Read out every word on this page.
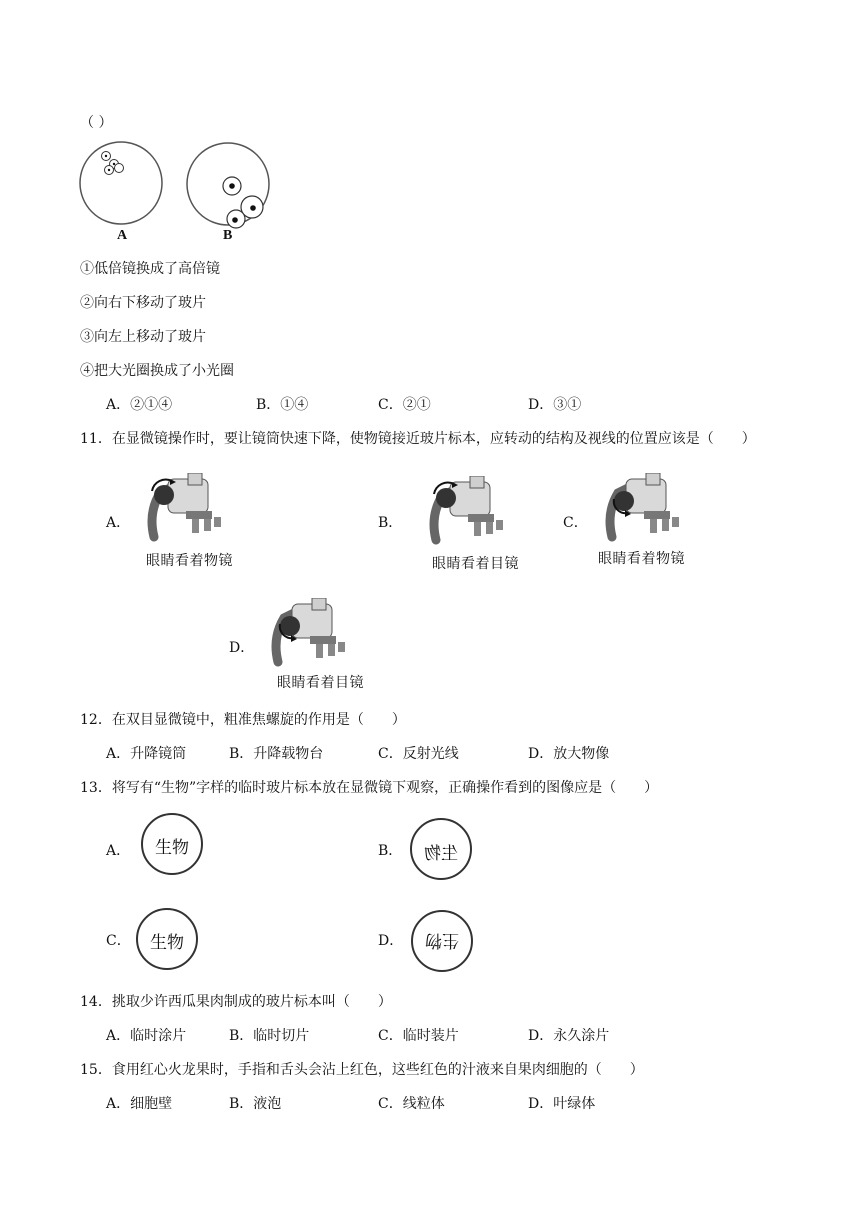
（ ）
A	B
①低倍镜换成了高倍镜
②向右下移动了玻片
③向左上移动了玻片
④把大光圈换成了小光圈
A．②①④	B．①④	C．②①	D．③①
11．在显微镜操作时，要让镜筒快速下降，使物镜接近玻片标本，应转动的结构及视线的位置应该是（　　）
A．
眼睛看着物镜
B．
眼睛看着目镜
C．
眼睛看着物镜
D．
眼睛看着目镜
12．在双目显微镜中，粗准焦螺旋的作用是（　　）
A．升降镜筒	B．升降载物台	C．反射光线	D．放大物像
13．将写有“生物”字样的临时玻片标本放在显微镜下观察，正确操作看到的图像应是（　　）
A．	生物	B．	生物
C．	生物	D．	生物
14．挑取少许西瓜果肉制成的玻片标本叫（　　）
A．临时涂片	B．临时切片	C．临时装片	D．永久涂片
15．食用红心火龙果时，手指和舌头会沾上红色，这些红色的汁液来自果肉细胞的（　　）
A．细胞壁	B．液泡	C．线粒体	D．叶绿体
